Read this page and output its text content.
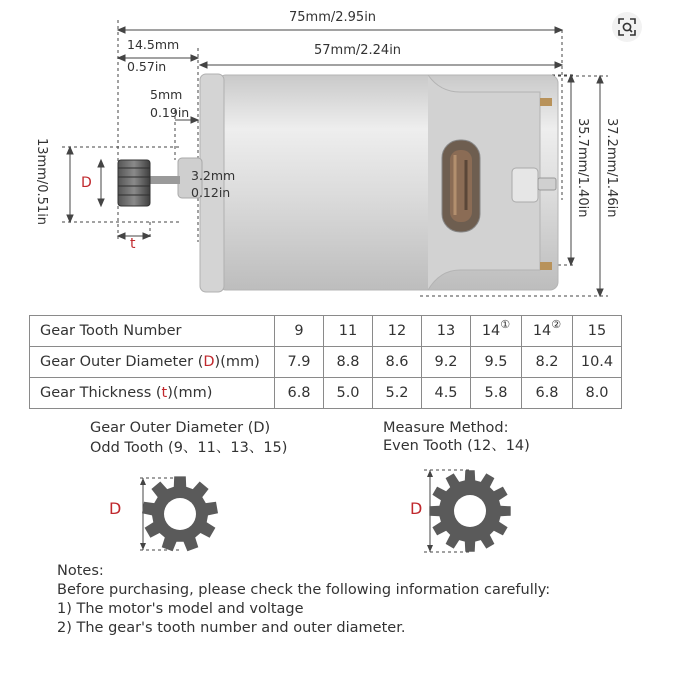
75mm/2.95in
14.5mm
0.57in
57mm/2.24in
5mm
0.19in
3.2mm
0.12in
13mm/0.51in D
t
35.7mm/1.40in 37.2mm/1.46in
Gear Tooth Number	9	11	12	13	14①	14②	15
Gear Outer Diameter (D)(mm)	7.9	8.8	8.6	9.2	9.5	8.2	10.4
Gear Thickness (t)(mm)	6.8	5.0	5.2	4.5	5.8	6.8	8.0
Gear Outer Diameter (D)
Odd Tooth (9、11、13、15)
D
Measure Method:
Even Tooth (12、14)
D
Notes:
Before purchasing, please check the following information carefully:
1) The motor's model and voltage
2) The gear's tooth number and outer diameter.
